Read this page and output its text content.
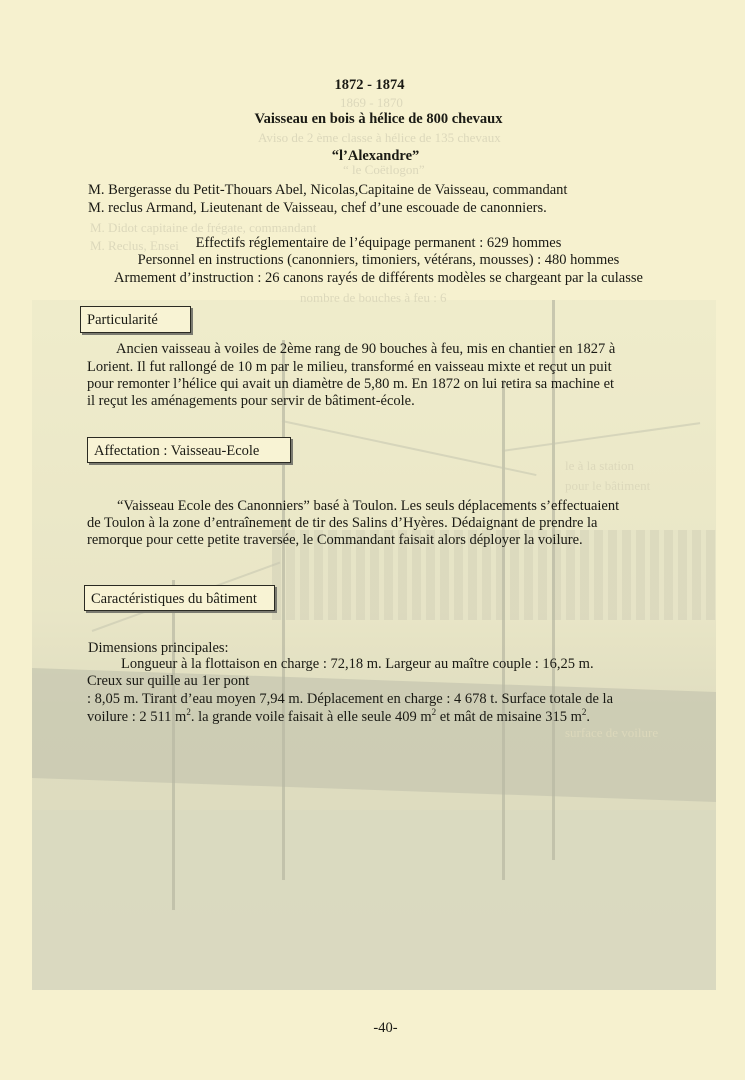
1869 - 1870
Aviso de 2 ème classe à hélice de 135 chevaux
“ le Coëtlogon”
M. Didot capitaine de frégate, commandant
M. Reclus, Ensei
nombre de bouches à feu : 6
le à la station
pour le bâtiment
surface de voilure
1872 - 1874
Vaisseau en bois à hélice de 800 chevaux
“l’Alexandre”
M. Bergerasse du Petit-Thouars Abel, Nicolas,Capitaine de Vaisseau, commandant
M. reclus Armand, Lieutenant de Vaisseau, chef d’une escouade de canonniers.
Effectifs réglementaire de l’équipage permanent : 629 hommes
Personnel en instructions (canonniers, timoniers, vétérans, mousses) : 480 hommes
Armement d’instruction : 26 canons rayés de différents modèles se chargeant par la culasse
Particularité
Ancien vaisseau à voiles de 2ème rang de 90 bouches à feu, mis en chantier en 1827 à
Lorient. Il fut rallongé de 10 m par le milieu, transformé en vaisseau mixte et reçut un puit
pour remonter l’hélice qui avait un diamètre de 5,80 m. En 1872 on lui retira sa machine et
il reçut les aménagements pour servir de bâtiment-école.
Affectation : Vaisseau-Ecole
“Vaisseau Ecole des Canonniers” basé à Toulon. Les seuls déplacements s’effectuaient
de Toulon à la zone d’entraînement de tir des Salins d’Hyères. Dédaignant de prendre la
remorque pour cette petite traversée, le Commandant faisait alors déployer la voilure.
Caractéristiques du bâtiment
Dimensions principales:
Longueur à la flottaison en charge : 72,18 m. Largeur au maître couple : 16,25 m.
Creux sur quille au 1er pont
: 8,05 m. Tirant d’eau moyen 7,94 m. Déplacement en charge : 4 678 t. Surface totale de la
voilure : 2 511 $m^2$. la grande voile faisait à elle seule 409 $m^2$ et mât de misaine 315 $m^2$.
-40-
